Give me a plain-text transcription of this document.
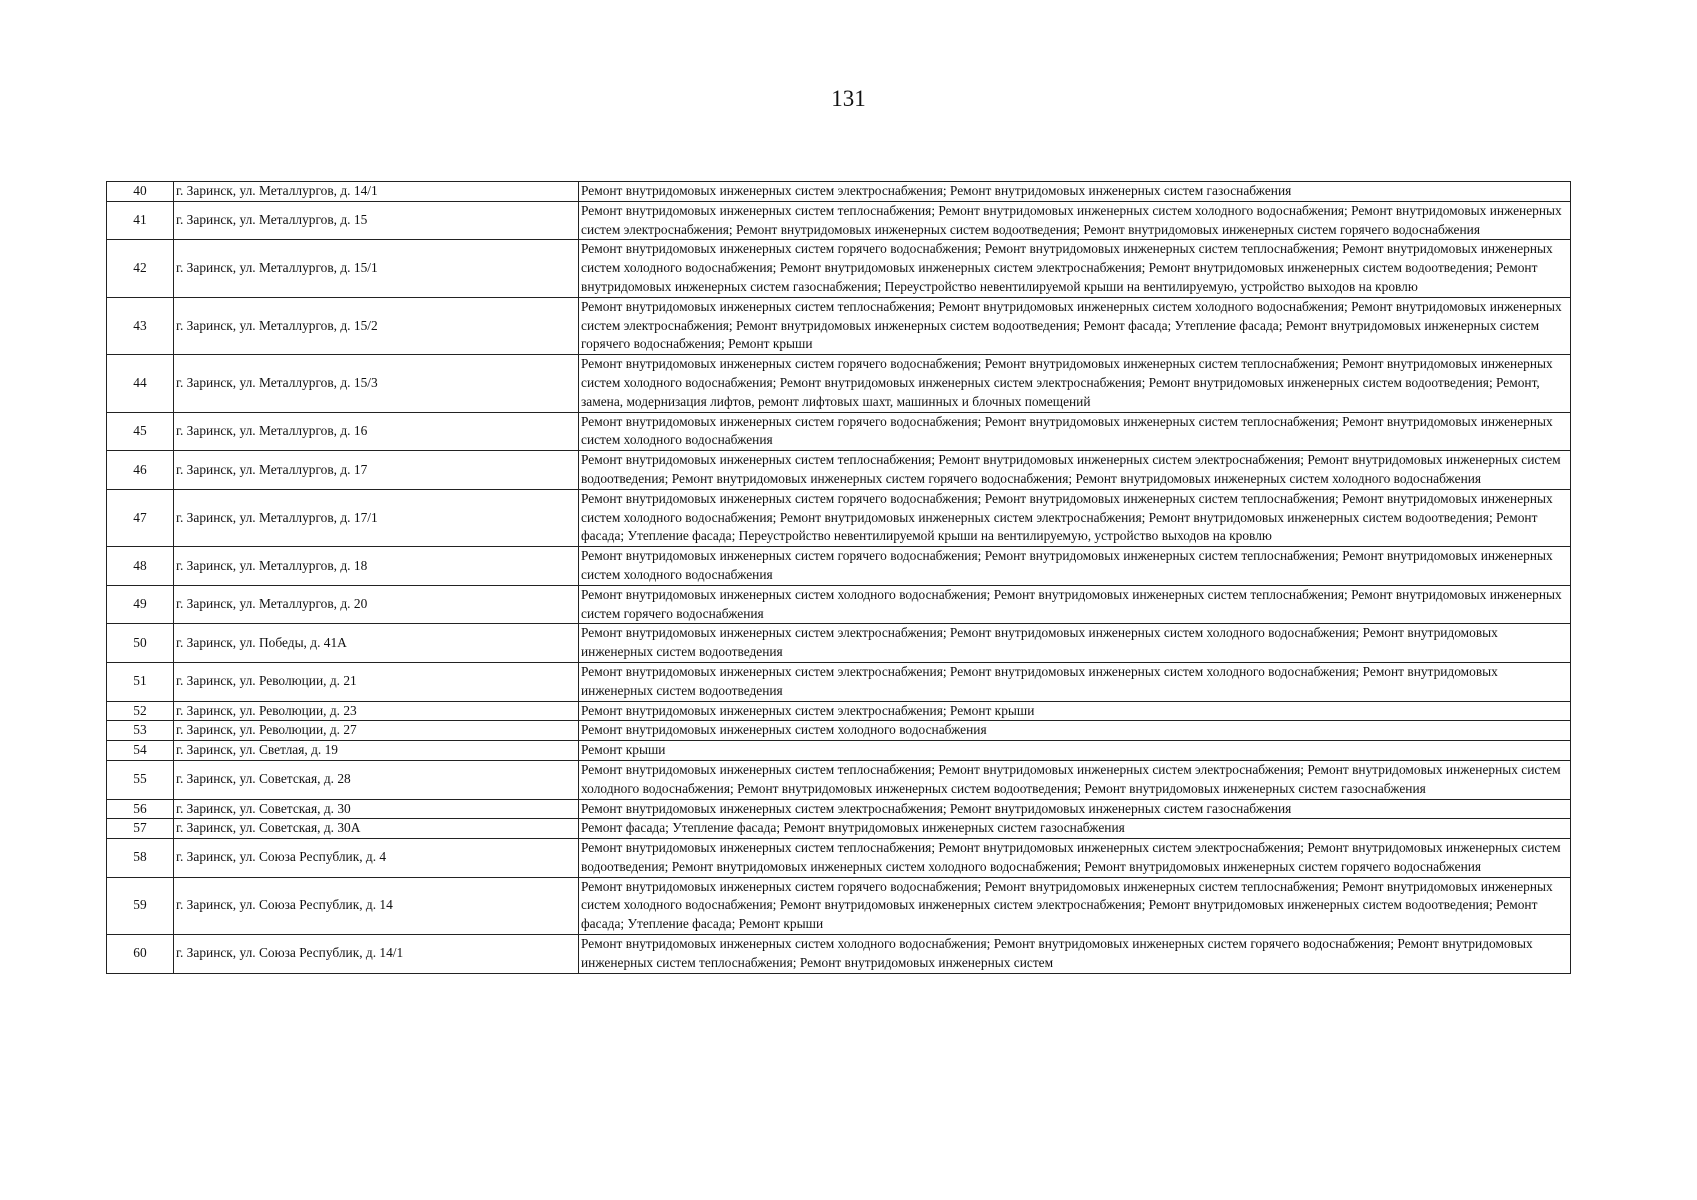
131
40	г. Заринск, ул. Металлургов, д. 14/1	Ремонт внутридомовых инженерных систем электроснабжения; Ремонт внутридомовых инженерных систем газоснабжения
41	г. Заринск, ул. Металлургов, д. 15	Ремонт внутридомовых инженерных систем теплоснабжения; Ремонт внутридомовых инженерных систем холодного водоснабжения; Ремонт внутридомовых инженерных систем электроснабжения; Ремонт внутридомовых инженерных систем водоотведения; Ремонт внутридомовых инженерных систем горячего водоснабжения
42	г. Заринск, ул. Металлургов, д. 15/1	Ремонт внутридомовых инженерных систем горячего водоснабжения; Ремонт внутридомовых инженерных систем теплоснабжения; Ремонт внутридомовых инженерных систем холодного водоснабжения; Ремонт внутридомовых инженерных систем электроснабжения; Ремонт внутридомовых инженерных систем водоотведения; Ремонт внутридомовых инженерных систем газоснабжения; Переустройство невентилируемой крыши на вентилируемую, устройство выходов на кровлю
43	г. Заринск, ул. Металлургов, д. 15/2	Ремонт внутридомовых инженерных систем теплоснабжения; Ремонт внутридомовых инженерных систем холодного водоснабжения; Ремонт внутридомовых инженерных систем электроснабжения; Ремонт внутридомовых инженерных систем водоотведения; Ремонт фасада; Утепление фасада; Ремонт внутридомовых инженерных систем горячего водоснабжения; Ремонт крыши
44	г. Заринск, ул. Металлургов, д. 15/3	Ремонт внутридомовых инженерных систем горячего водоснабжения; Ремонт внутридомовых инженерных систем теплоснабжения; Ремонт внутридомовых инженерных систем холодного водоснабжения; Ремонт внутридомовых инженерных систем электроснабжения; Ремонт внутридомовых инженерных систем водоотведения; Ремонт, замена, модернизация лифтов, ремонт лифтовых шахт, машинных и блочных помещений
45	г. Заринск, ул. Металлургов, д. 16	Ремонт внутридомовых инженерных систем горячего водоснабжения; Ремонт внутридомовых инженерных систем теплоснабжения; Ремонт внутридомовых инженерных систем холодного водоснабжения
46	г. Заринск, ул. Металлургов, д. 17	Ремонт внутридомовых инженерных систем теплоснабжения; Ремонт внутридомовых инженерных систем электроснабжения; Ремонт внутридомовых инженерных систем водоотведения; Ремонт внутридомовых инженерных систем горячего водоснабжения; Ремонт внутридомовых инженерных систем холодного водоснабжения
47	г. Заринск, ул. Металлургов, д. 17/1	Ремонт внутридомовых инженерных систем горячего водоснабжения; Ремонт внутридомовых инженерных систем теплоснабжения; Ремонт внутридомовых инженерных систем холодного водоснабжения; Ремонт внутридомовых инженерных систем электроснабжения; Ремонт внутридомовых инженерных систем водоотведения; Ремонт фасада; Утепление фасада; Переустройство невентилируемой крыши на вентилируемую, устройство выходов на кровлю
48	г. Заринск, ул. Металлургов, д. 18	Ремонт внутридомовых инженерных систем горячего водоснабжения; Ремонт внутридомовых инженерных систем теплоснабжения; Ремонт внутридомовых инженерных систем холодного водоснабжения
49	г. Заринск, ул. Металлургов, д. 20	Ремонт внутридомовых инженерных систем холодного водоснабжения; Ремонт внутридомовых инженерных систем теплоснабжения; Ремонт внутридомовых инженерных систем горячего водоснабжения
50	г. Заринск, ул. Победы, д. 41А	Ремонт внутридомовых инженерных систем электроснабжения; Ремонт внутридомовых инженерных систем холодного водоснабжения; Ремонт внутридомовых инженерных систем водоотведения
51	г. Заринск, ул. Революции, д. 21	Ремонт внутридомовых инженерных систем электроснабжения; Ремонт внутридомовых инженерных систем холодного водоснабжения; Ремонт внутридомовых инженерных систем водоотведения
52	г. Заринск, ул. Революции, д. 23	Ремонт внутридомовых инженерных систем электроснабжения; Ремонт крыши
53	г. Заринск, ул. Революции, д. 27	Ремонт внутридомовых инженерных систем холодного водоснабжения
54	г. Заринск, ул. Светлая, д. 19	Ремонт крыши
55	г. Заринск, ул. Советская, д. 28	Ремонт внутридомовых инженерных систем теплоснабжения; Ремонт внутридомовых инженерных систем электроснабжения; Ремонт внутридомовых инженерных систем холодного водоснабжения; Ремонт внутридомовых инженерных систем водоотведения; Ремонт внутридомовых инженерных систем газоснабжения
56	г. Заринск, ул. Советская, д. 30	Ремонт внутридомовых инженерных систем электроснабжения; Ремонт внутридомовых инженерных систем газоснабжения
57	г. Заринск, ул. Советская, д. 30А	Ремонт фасада; Утепление фасада; Ремонт внутридомовых инженерных систем газоснабжения
58	г. Заринск, ул. Союза Республик, д. 4	Ремонт внутридомовых инженерных систем теплоснабжения; Ремонт внутридомовых инженерных систем электроснабжения; Ремонт внутридомовых инженерных систем водоотведения; Ремонт внутридомовых инженерных систем холодного водоснабжения; Ремонт внутридомовых инженерных систем горячего водоснабжения
59	г. Заринск, ул. Союза Республик, д. 14	Ремонт внутридомовых инженерных систем горячего водоснабжения; Ремонт внутридомовых инженерных систем теплоснабжения; Ремонт внутридомовых инженерных систем холодного водоснабжения; Ремонт внутридомовых инженерных систем электроснабжения; Ремонт внутридомовых инженерных систем водоотведения; Ремонт фасада; Утепление фасада; Ремонт крыши
60	г. Заринск, ул. Союза Республик, д. 14/1	Ремонт внутридомовых инженерных систем холодного водоснабжения; Ремонт внутридомовых инженерных систем горячего водоснабжения; Ремонт внутридомовых инженерных систем теплоснабжения; Ремонт внутридомовых инженерных систем
